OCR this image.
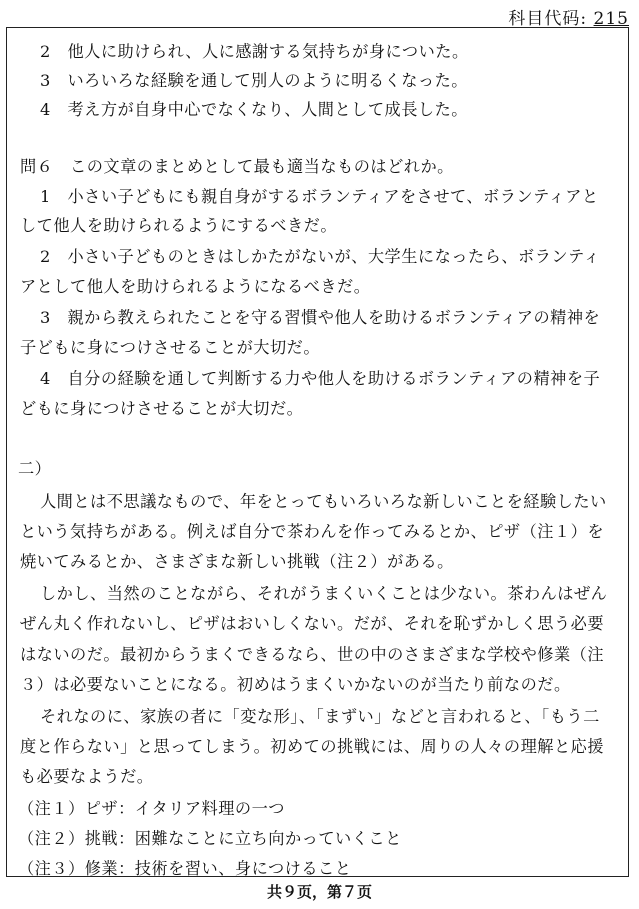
科目代码: 215
2　他人に助けられ、人に感謝する気持ちが身についた。
3　いろいろな経験を通して別人のように明るくなった。
4　考え方が自身中心でなくなり、人間として成長した。
問６　この文章のまとめとして最も適当なものはどれか。
1　小さい子どもにも親自身がするボランティアをさせて、ボランティアと
して他人を助けられるようにするべきだ。
2　小さい子どものときはしかたがないが、大学生になったら、ボランティ
アとして他人を助けられるようになるべきだ。
3　親から教えられたことを守る習慣や他人を助けるボランティアの精神を
子どもに身につけさせることが大切だ。
4　自分の経験を通して判断する力や他人を助けるボランティアの精神を子
どもに身につけさせることが大切だ。
二）
人間とは不思議なもので、年をとってもいろいろな新しいことを経験したい
という気持ちがある。例えば自分で茶わんを作ってみるとか、ピザ（注１）を
焼いてみるとか、さまざまな新しい挑戦（注２）がある。
しかし、当然のことながら、それがうまくいくことは少ない。茶わんはぜん
ぜん丸く作れないし、ピザはおいしくない。だが、それを恥ずかしく思う必要
はないのだ。最初からうまくできるなら、世の中のさまざまな学校や修業（注
３）は必要ないことになる。初めはうまくいかないのが当たり前なのだ。
それなのに、家族の者に「変な形」、「まずい」などと言われると、「もう二
度と作らない」と思ってしまう。初めての挑戦には、周りの人々の理解と応援
も必要なようだ。
（注１）ピザ：イタリア料理の一つ
（注２）挑戦：困難なことに立ち向かっていくこと
（注３）修業：技術を習い、身につけること
共９页，第７页
